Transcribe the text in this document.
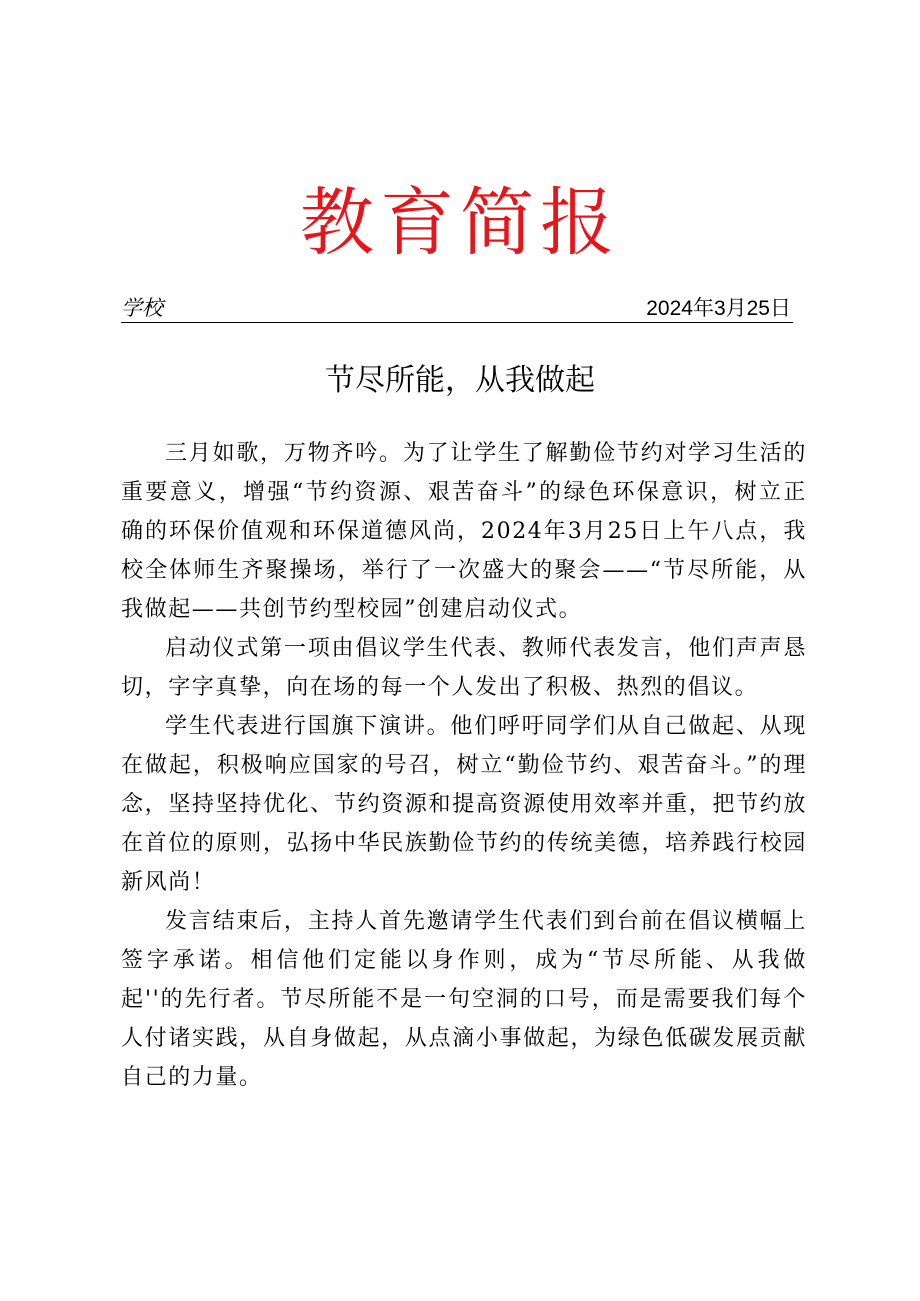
教育简报
学校	2024年3月25日
节尽所能，从我做起

三月如歌，万物齐吟。为了让学生了解勤俭节约对学习生活的重要意义，增强“节约资源、艰苦奋斗”的绿色环保意识，树立正确的环保价值观和环保道德风尚，2024年3月25日上午八点，我校全体师生齐聚操场，举行了一次盛大的聚会——“节尽所能，从我做起——共创节约型校园”创建启动仪式。

启动仪式第一项由倡议学生代表、教师代表发言，他们声声恳切，字字真挚，向在场的每一个人发出了积极、热烈的倡议。

学生代表进行国旗下演讲。他们呼吁同学们从自己做起、从现在做起，积极响应国家的号召，树立“勤俭节约、艰苦奋斗。”的理念，坚持坚持优化、节约资源和提高资源使用效率并重，把节约放在首位的原则，弘扬中华民族勤俭节约的传统美德，培养践行校园新风尚！

发言结束后，主持人首先邀请学生代表们到台前在倡议横幅上签字承诺。相信他们定能以身作则，成为“节尽所能、从我做起''的先行者。节尽所能不是一句空洞的口号，而是需要我们每个人付诸实践，从自身做起，从点滴小事做起，为绿色低碳发展贡献自己的力量。
